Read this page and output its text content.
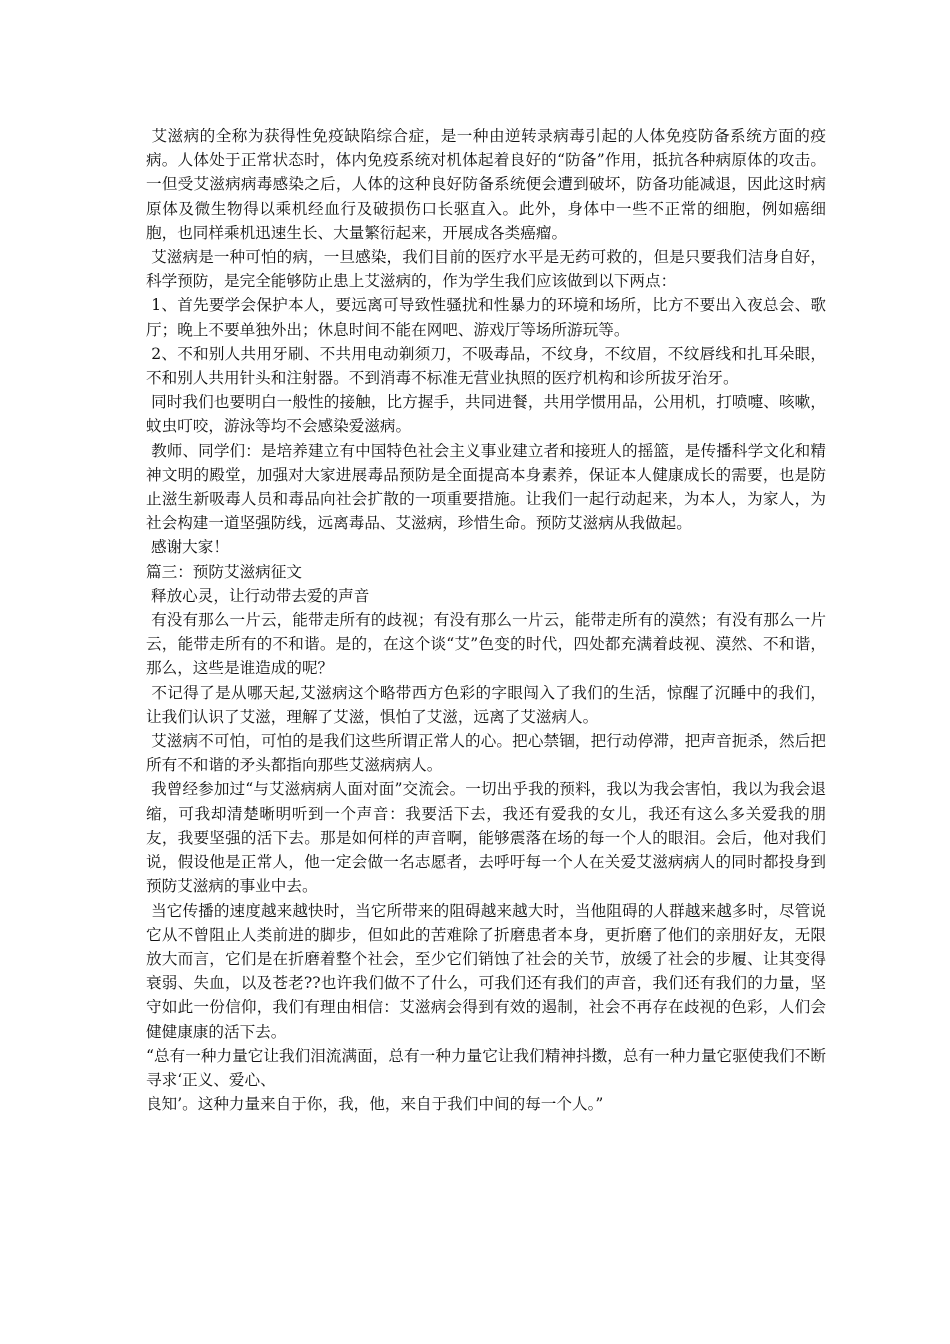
艾滋病的全称为获得性免疫缺陷综合症，是一种由逆转录病毒引起的人体免疫防备系统方面的疫病。人体处于正常状态时，体内免疫系统对机体起着良好的“防备”作用，抵抗各种病原体的攻击。一但受艾滋病病毒感染之后，人体的这种良好防备系统便会遭到破坏，防备功能减退，因此这时病原体及微生物得以乘机经血行及破损伤口长驱直入。此外，身体中一些不正常的细胞，例如癌细胞，也同样乘机迅速生长、大量繁衍起来，开展成各类癌瘤。

艾滋病是一种可怕的病，一旦感染，我们目前的医疗水平是无药可救的，但是只要我们洁身自好，科学预防，是完全能够防止患上艾滋病的，作为学生我们应该做到以下两点：

1、首先要学会保护本人，要远离可导致性骚扰和性暴力的环境和场所，比方不要出入夜总会、歌厅；晚上不要单独外出；休息时间不能在网吧、游戏厅等场所游玩等。

2、不和别人共用牙刷、不共用电动剃须刀，不吸毒品，不纹身，不纹眉，不纹唇线和扎耳朵眼，不和别人共用针头和注射器。不到消毒不标准无营业执照的医疗机构和诊所拔牙治牙。

同时我们也要明白一般性的接触，比方握手，共同进餐，共用学惯用品，公用机，打喷嚏、咳嗽，蚊虫叮咬，游泳等均不会感染爱滋病。

教师、同学们：是培养建立有中国特色社会主义事业建立者和接班人的摇篮，是传播科学文化和精神文明的殿堂，加强对大家进展毒品预防是全面提高本身素养，保证本人健康成长的需要，也是防止滋生新吸毒人员和毒品向社会扩散的一项重要措施。让我们一起行动起来，为本人，为家人，为社会构建一道坚强防线，远离毒品、艾滋病，珍惜生命。预防艾滋病从我做起。

感谢大家！

篇三：预防艾滋病征文

释放心灵，让行动带去爱的声音

有没有那么一片云，能带走所有的歧视；有没有那么一片云，能带走所有的漠然；有没有那么一片云，能带走所有的不和谐。是的，在这个谈“艾”色变的时代，四处都充满着歧视、漠然、不和谐，那么，这些是谁造成的呢？

不记得了是从哪天起,艾滋病这个略带西方色彩的字眼闯入了我们的生活，惊醒了沉睡中的我们，让我们认识了艾滋，理解了艾滋，惧怕了艾滋，远离了艾滋病人。

艾滋病不可怕，可怕的是我们这些所谓正常人的心。把心禁锢，把行动停滞，把声音扼杀，然后把所有不和谐的矛头都指向那些艾滋病病人。

我曾经参加过“与艾滋病病人面对面”交流会。一切出乎我的预料，我以为我会害怕，我以为我会退缩，可我却清楚晰明听到一个声音：我要活下去，我还有爱我的女儿，我还有这么多关爱我的朋友，我要坚强的活下去。那是如何样的声音啊，能够震落在场的每一个人的眼泪。会后，他对我们说，假设他是正常人，他一定会做一名志愿者，去呼吁每一个人在关爱艾滋病病人的同时都投身到预防艾滋病的事业中去。

当它传播的速度越来越快时，当它所带来的阻碍越来越大时，当他阻碍的人群越来越多时，尽管说它从不曾阻止人类前进的脚步，但如此的苦难除了折磨患者本身，更折磨了他们的亲朋好友，无限放大而言，它们是在折磨着整个社会，至少它们销蚀了社会的关节，放缓了社会的步履、让其变得衰弱、失血，以及苍老??也许我们做不了什么，可我们还有我们的声音，我们还有我们的力量，坚守如此一份信仰，我们有理由相信：艾滋病会得到有效的遏制，社会不再存在歧视的色彩，人们会健健康康的活下去。

“总有一种力量它让我们泪流满面，总有一种力量它让我们精神抖擞，总有一种力量它驱使我们不断寻求‘正义、爱心、
良知’。这种力量来自于你，我，他，来自于我们中间的每一个人。”
